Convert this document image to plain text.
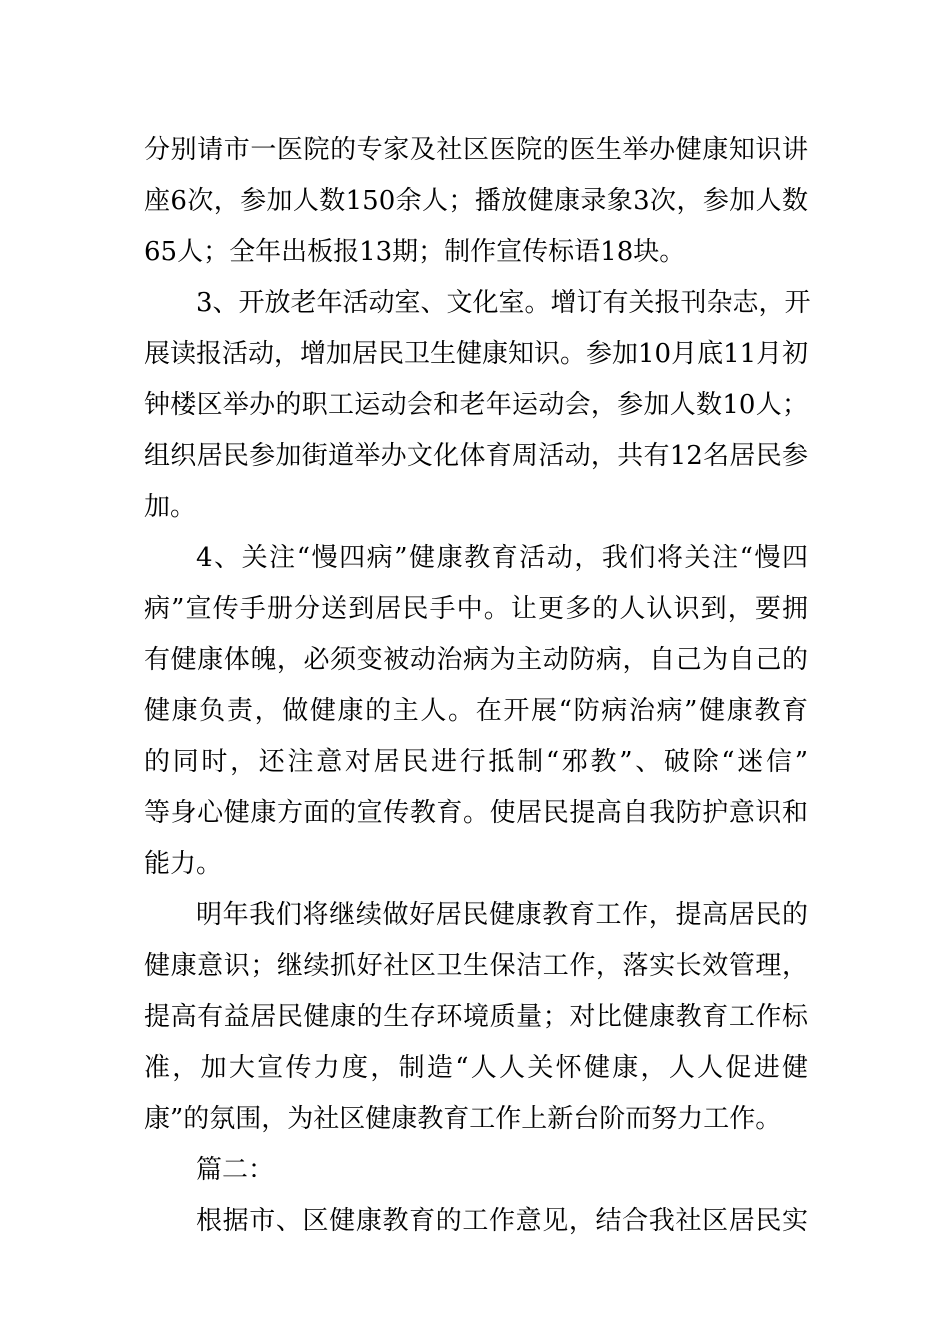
分别请市一医院的专家及社区医院的医生举办健康知识讲
座6次，参加人数150余人；播放健康录象3次，参加人数
65人；全年出板报13期；制作宣传标语18块。
3、开放老年活动室、文化室。增订有关报刊杂志，开
展读报活动，增加居民卫生健康知识。参加10月底11月初
钟楼区举办的职工运动会和老年运动会，参加人数10人；
组织居民参加街道举办文化体育周活动，共有12名居民参
加。
4、关注“慢四病”健康教育活动，我们将关注“慢四
病”宣传手册分送到居民手中。让更多的人认识到，要拥
有健康体魄，必须变被动治病为主动防病，自己为自己的
健康负责，做健康的主人。在开展“防病治病”健康教育
的同时，还注意对居民进行抵制“邪教”、破除“迷信”
等身心健康方面的宣传教育。使居民提高自我防护意识和
能力。
明年我们将继续做好居民健康教育工作，提高居民的
健康意识；继续抓好社区卫生保洁工作，落实长效管理，
提高有益居民健康的生存环境质量；对比健康教育工作标
准，加大宣传力度，制造“人人关怀健康，人人促进健
康”的氛围，为社区健康教育工作上新台阶而努力工作。
篇二：
根据市、区健康教育的工作意见，结合我社区居民实
